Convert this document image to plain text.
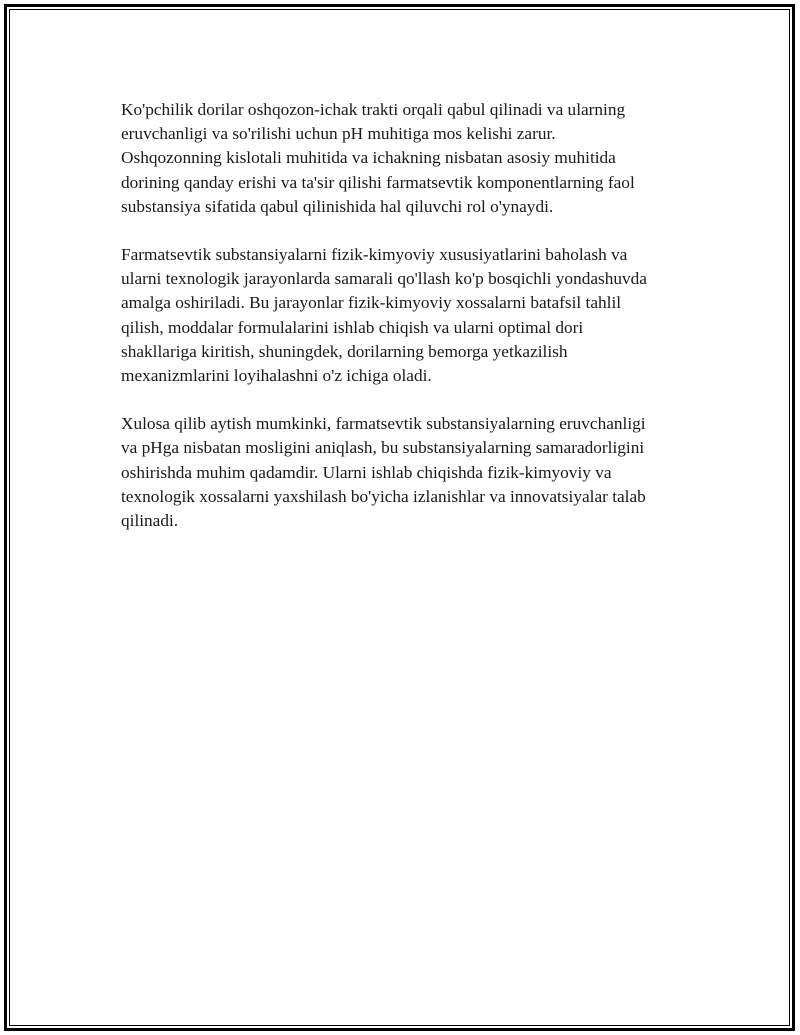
Ko'pchilik dorilar oshqozon-ichak trakti orqali qabul qilinadi va ularning
eruvchanligi va so'rilishi uchun pH muhitiga mos kelishi zarur.
Oshqozonning kislotali muhitida va ichakning nisbatan asosiy muhitida
dorining qanday erishi va ta'sir qilishi farmatsevtik komponentlarning faol
substansiya sifatida qabul qilinishida hal qiluvchi rol o'ynaydi.

Farmatsevtik substansiyalarni fizik-kimyoviy xususiyatlarini baholash va
ularni texnologik jarayonlarda samarali qo'llash ko'p bosqichli yondashuvda
amalga oshiriladi. Bu jarayonlar fizik-kimyoviy xossalarni batafsil tahlil
qilish, moddalar formulalarini ishlab chiqish va ularni optimal dori
shakllariga kiritish, shuningdek, dorilarning bemorga yetkazilish
mexanizmlarini loyihalashni o'z ichiga oladi.

Xulosa qilib aytish mumkinki, farmatsevtik substansiyalarning eruvchanligi
va pHga nisbatan mosligini aniqlash, bu substansiyalarning samaradorligini
oshirishda muhim qadamdir. Ularni ishlab chiqishda fizik-kimyoviy va
texnologik xossalarni yaxshilash bo'yicha izlanishlar va innovatsiyalar talab
qilinadi.
